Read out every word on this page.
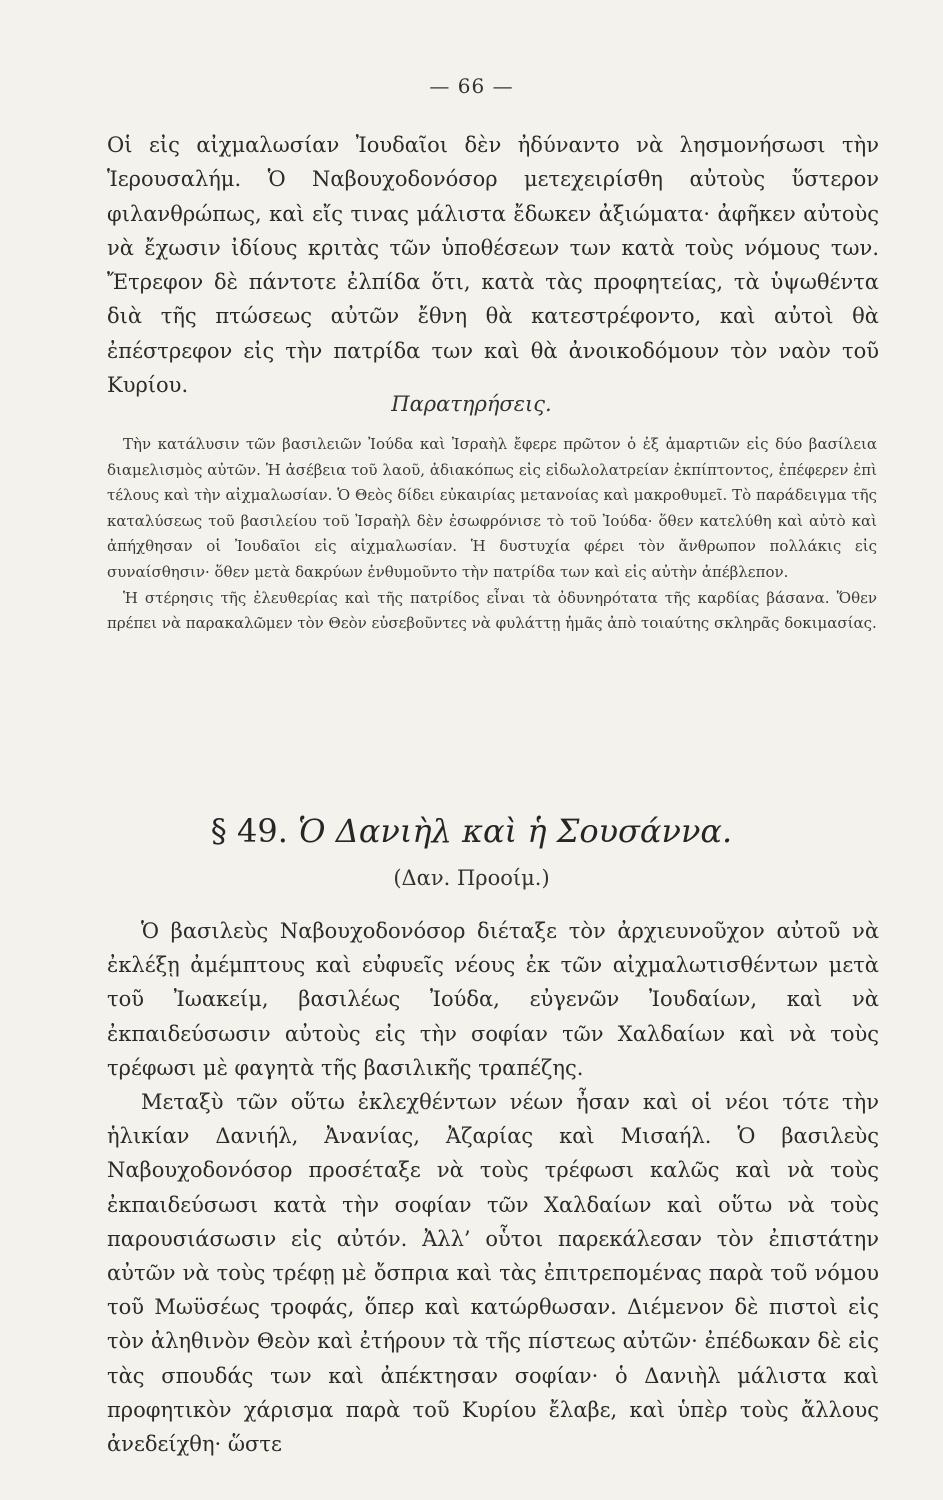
— 66 —
Οἱ εἰς αἰχμαλωσίαν Ἰουδαῖοι δὲν ἠδύναντο νὰ λησμονήσωσι τὴν Ἱερουσαλήμ. Ὁ Ναβουχοδονόσορ μετεχειρίσθη αὐτοὺς ὕστερον φιλανθρώπως, καὶ εἴς τινας μάλιστα ἔδωκεν ἀξιώματα· ἀφῆκεν αὐτοὺς νὰ ἔχωσιν ἰδίους κριτὰς τῶν ὑποθέσεων των κατὰ τοὺς νόμους των. Ἔτρεφον δὲ πάντοτε ἐλπίδα ὅτι, κατὰ τὰς προφητείας, τὰ ὑψωθέντα διὰ τῆς πτώσεως αὐτῶν ἔθνη θὰ κατεστρέφοντο, καὶ αὐτοὶ θὰ ἐπέστρεφον εἰς τὴν πατρίδα των καὶ θὰ ἀνοικοδόμουν τὸν ναὸν τοῦ Κυρίου.
Παρατηρήσεις.

Τὴν κατάλυσιν τῶν βασιλειῶν Ἰούδα καὶ Ἰσραὴλ ἔφερε πρῶτον ὁ ἐξ ἁμαρτιῶν εἰς δύο βασίλεια διαμελισμὸς αὐτῶν. Ἡ ἀσέβεια τοῦ λαοῦ, ἀδιακόπως εἰς εἰδωλολατρείαν ἐκπίπτοντος, ἐπέφερεν ἐπὶ τέλους καὶ τὴν αἰχμαλωσίαν. Ὁ Θεὸς δίδει εὐκαιρίας μετανοίας καὶ μακροθυμεῖ. Τὸ παράδειγμα τῆς καταλύσεως τοῦ βασιλείου τοῦ Ἰσραὴλ δὲν ἐσωφρόνισε τὸ τοῦ Ἰούδα· ὅθεν κατελύθη καὶ αὐτὸ καὶ ἀπήχθησαν οἱ Ἰουδαῖοι εἰς αἰχμαλωσίαν. Ἡ δυστυχία φέρει τὸν ἄνθρωπον πολλάκις εἰς συναίσθησιν· ὅθεν μετὰ δακρύων ἐνθυμοῦντο τὴν πατρίδα των καὶ εἰς αὐτὴν ἀπέβλεπον.

Ἡ στέρησις τῆς ἐλευθερίας καὶ τῆς πατρίδος εἶναι τὰ ὀδυνηρότατα τῆς καρδίας βάσανα. Ὅθεν πρέπει νὰ παρακαλῶμεν τὸν Θεὸν εὐσεβοῦντες νὰ φυλάττῃ ἡμᾶς ἀπὸ τοιαύτης σκληρᾶς δοκιμασίας.

§ 49. Ὁ Δανιὴλ καὶ ἡ Σουσάννα.
(Δαν. Προοίμ.)

Ὁ βασιλεὺς Ναβουχοδονόσορ διέταξε τὸν ἀρχιευνοῦχον αὐτοῦ νὰ ἐκλέξῃ ἀμέμπτους καὶ εὐφυεῖς νέους ἐκ τῶν αἰχμαλωτισθέντων μετὰ τοῦ Ἰωακείμ, βασιλέως Ἰούδα, εὐγενῶν Ἰουδαίων, καὶ νὰ ἐκπαιδεύσωσιν αὐτοὺς εἰς τὴν σοφίαν τῶν Χαλδαίων καὶ νὰ τοὺς τρέφωσι μὲ φαγητὰ τῆς βασιλικῆς τραπέζης.

Μεταξὺ τῶν οὕτω ἐκλεχθέντων νέων ἦσαν καὶ οἱ νέοι τότε τὴν ἡλικίαν Δανιήλ, Ἀνανίας, Ἀζαρίας καὶ Μισαήλ. Ὁ βασιλεὺς Ναβουχοδονόσορ προσέταξε νὰ τοὺς τρέφωσι καλῶς καὶ νὰ τοὺς ἐκπαιδεύσωσι κατὰ τὴν σοφίαν τῶν Χαλδαίων καὶ οὕτω νὰ τοὺς παρουσιάσωσιν εἰς αὐτόν. Ἀλλ’ οὗτοι παρεκάλεσαν τὸν ἐπιστάτην αὐτῶν νὰ τοὺς τρέφῃ μὲ ὄσπρια καὶ τὰς ἐπιτρεπομένας παρὰ τοῦ νόμου τοῦ Μωϋσέως τροφάς, ὅπερ καὶ κατώρθωσαν. Διέμενον δὲ πιστοὶ εἰς τὸν ἀληθινὸν Θεὸν καὶ ἐτήρουν τὰ τῆς πίστεως αὐτῶν· ἐπέδωκαν δὲ εἰς τὰς σπουδάς των καὶ ἀπέκτησαν σοφίαν· ὁ Δανιὴλ μάλιστα καὶ προφητικὸν χάρισμα παρὰ τοῦ Κυρίου ἔλαβε, καὶ ὑπὲρ τοὺς ἄλλους ἀνεδείχθη· ὥστε
